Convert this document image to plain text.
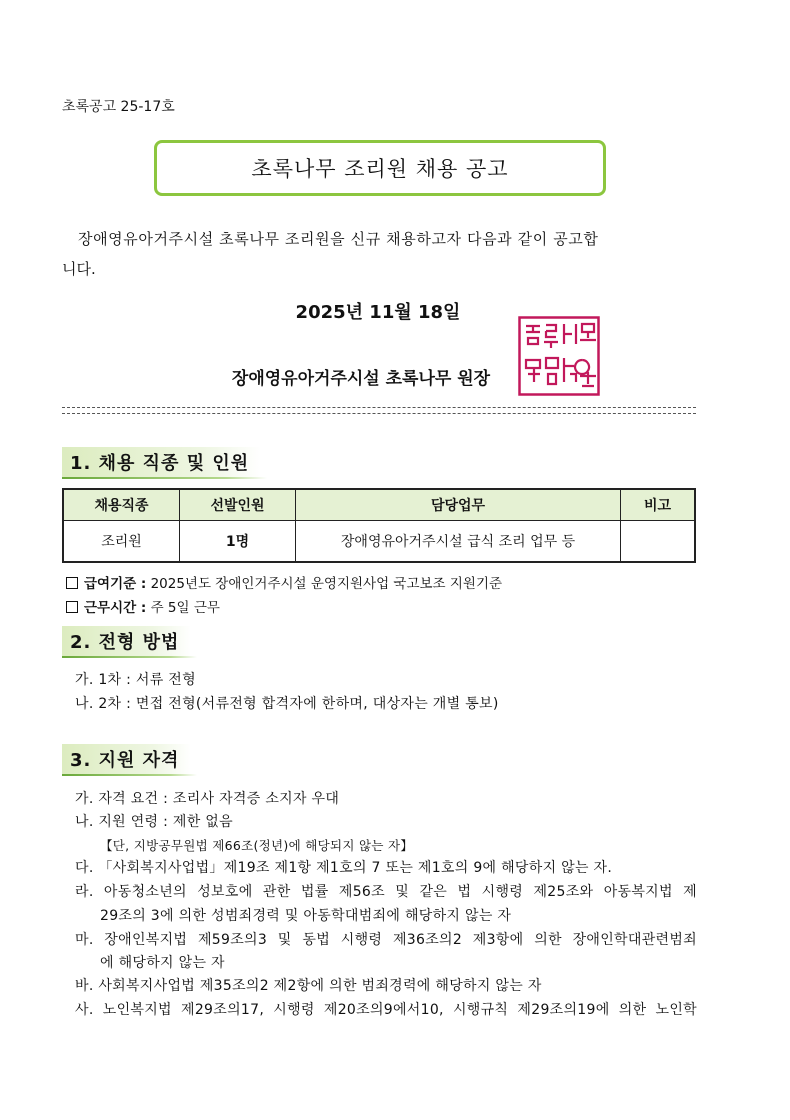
초록공고 25-17호
초록나무 조리원 채용 공고
장애영유아거주시설 초록나무 조리원을 신규 채용하고자 다음과 같이 공고합
니다.
2025년 11월 18일
장애영유아거주시설 초록나무 원장
1. 채용 직종 및 인원
채용직종	선발인원	담당업무	비고
조리원	1명	장애영유아거주시설 급식 조리 업무 등	
급여기준 : 2025년도 장애인거주시설 운영지원사업 국고보조 지원기준
근무시간 : 주 5일 근무
2. 전형 방법
가. 1차 : 서류 전형
나. 2차 : 면접 전형(서류전형 합격자에 한하며, 대상자는 개별 통보)
3. 지원 자격
가. 자격 요건 : 조리사 자격증 소지자 우대
나. 지원 연령 : 제한 없음
【단, 지방공무원법 제66조(정년)에 해당되지 않는 자】
다. 「사회복지사업법」제19조 제1항 제1호의 7 또는 제1호의 9에 해당하지 않는 자.
라. 아동청소년의 성보호에 관한 법률 제56조 및 같은 법 시행령 제25조와 아동복지법 제
29조의 3에 의한 성범죄경력 및 아동학대범죄에 해당하지 않는 자
마. 장애인복지법 제59조의3 및 동법 시행령 제36조의2 제3항에 의한 장애인학대관련범죄
에 해당하지 않는 자
바. 사회복지사업법 제35조의2 제2항에 의한 범죄경력에 해당하지 않는 자
사. 노인복지법 제29조의17, 시행령 제20조의9에서10, 시행규칙 제29조의19에 의한 노인학
